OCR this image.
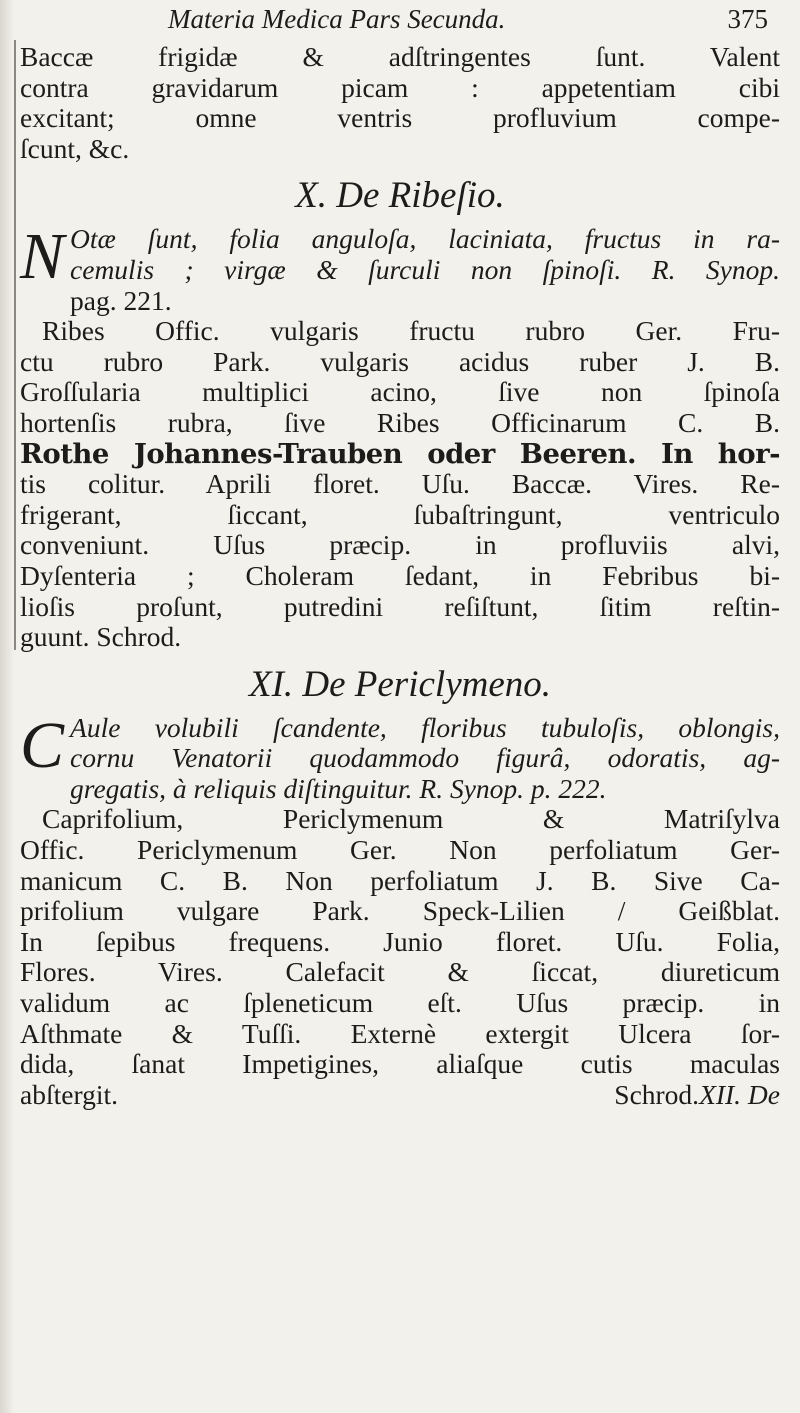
Materia Medica Pars Secunda.	375
Baccæ frigidæ & adſtringentes ſunt. Valent
contra gravidarum picam : appetentiam cibi
excitant; omne ventris profluvium compe-
ſcunt, &c.
X. De Ribeſio.
N Otæ ſunt, folia anguloſa, laciniata, fructus in ra-
cemulis ; virgæ & ſurculi non ſpinoſi. R. Synop.
pag. 221.
Ribes Offic. vulgaris fructu rubro Ger. Fru-
ctu rubro Park. vulgaris acidus ruber J. B.
Groſſularia multiplici acino, ſive non ſpinoſa
hortenſis rubra, ſive Ribes Officinarum C. B.
Rothe Johannes-Trauben oder Beeren. In hor-
tis colitur. Aprili floret. Uſu. Baccæ. Vires. Re-
frigerant, ſiccant, ſubaſtringunt, ventriculo
conveniunt. Uſus præcip. in profluviis alvi,
Dyſenteria ; Choleram ſedant, in Febribus bi-
lioſis proſunt, putredini reſiſtunt, ſitim reſtin-
guunt. Schrod.
XI. De Periclymeno.
C Aule volubili ſcandente, floribus tubuloſis, oblongis,
cornu Venatorii quodammodo figurâ, odoratis, ag-
gregatis, à reliquis diſtinguitur. R. Synop. p. 222.
Caprifolium, Periclymenum & Matriſylva
Offic. Periclymenum Ger. Non perfoliatum Ger-
manicum C. B. Non perfoliatum J. B. Sive Ca-
prifolium vulgare Park. Speck-Lilien / Geißblat.
In ſepibus frequens. Junio floret. Uſu. Folia,
Flores. Vires. Calefacit & ſiccat, diureticum
validum ac ſpleneticum eſt. Uſus præcip. in
Aſthmate & Tuſſi. Externè extergit Ulcera ſor-
dida, ſanat Impetigines, aliaſque cutis maculas
abſtergit. Schrod. XII. De
